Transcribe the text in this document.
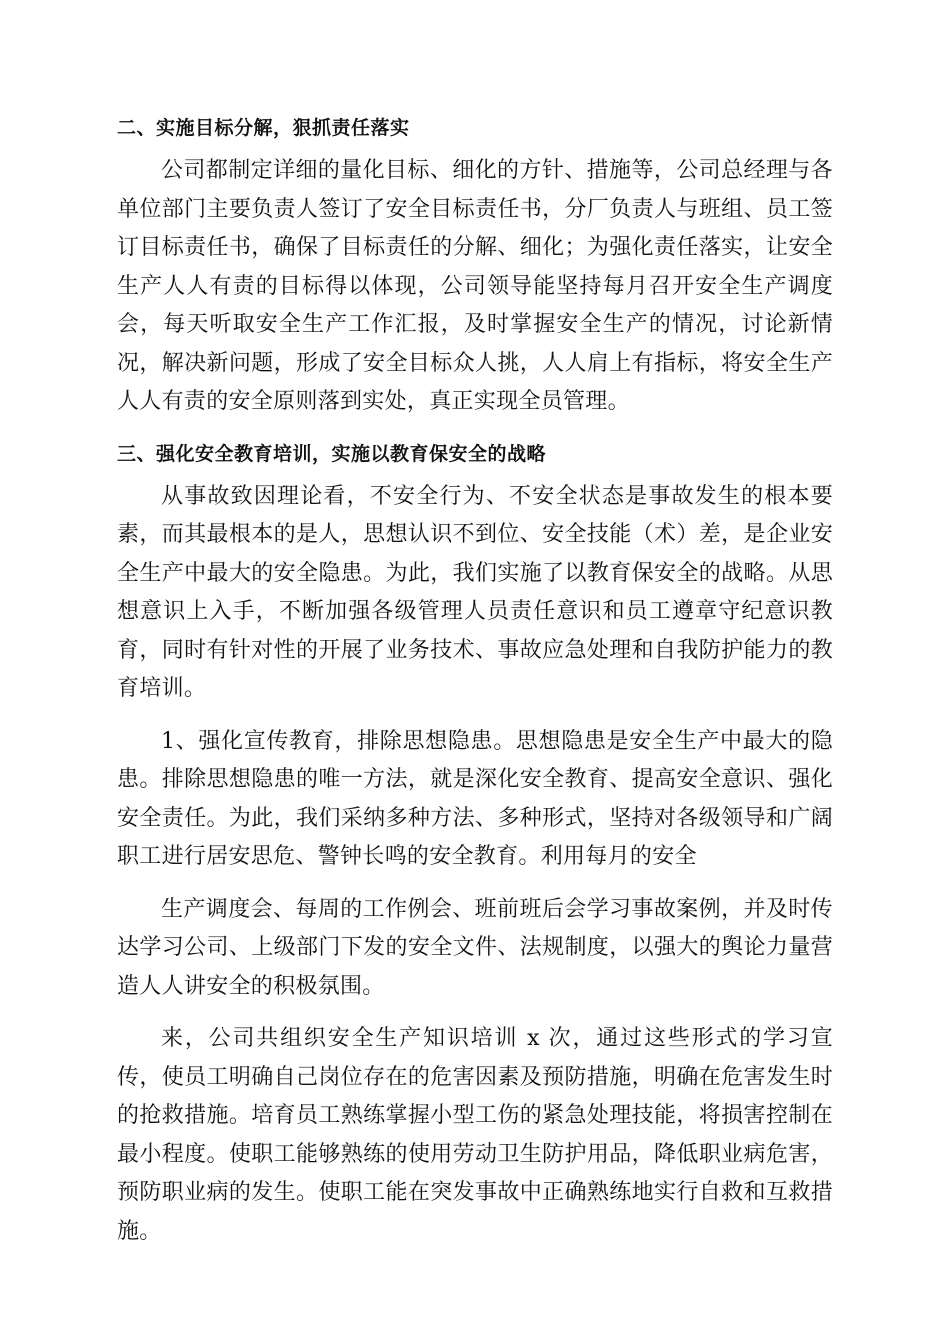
二、实施目标分解，狠抓责任落实

公司都制定详细的量化目标、细化的方针、措施等，公司总经理与各单位部门主要负责人签订了安全目标责任书，分厂负责人与班组、员工签订目标责任书，确保了目标责任的分解、细化；为强化责任落实，让安全生产人人有责的目标得以体现，公司领导能坚持每月召开安全生产调度会，每天听取安全生产工作汇报，及时掌握安全生产的情况，讨论新情况，解决新问题，形成了安全目标众人挑，人人肩上有指标，将安全生产人人有责的安全原则落到实处，真正实现全员管理。

三、强化安全教育培训，实施以教育保安全的战略

从事故致因理论看，不安全行为、不安全状态是事故发生的根本要素，而其最根本的是人，思想认识不到位、安全技能（术）差，是企业安全生产中最大的安全隐患。为此，我们实施了以教育保安全的战略。从思想意识上入手，不断加强各级管理人员责任意识和员工遵章守纪意识教育，同时有针对性的开展了业务技术、事故应急处理和自我防护能力的教育培训。

1、强化宣传教育，排除思想隐患。思想隐患是安全生产中最大的隐患。排除思想隐患的唯一方法，就是深化安全教育、提高安全意识、强化安全责任。为此，我们采纳多种方法、多种形式，坚持对各级领导和广阔职工进行居安思危、警钟长鸣的安全教育。利用每月的安全

生产调度会、每周的工作例会、班前班后会学习事故案例，并及时传达学习公司、上级部门下发的安全文件、法规制度，以强大的舆论力量营造人人讲安全的积极氛围。

来，公司共组织安全生产知识培训 x 次，通过这些形式的学习宣传，使员工明确自己岗位存在的危害因素及预防措施，明确在危害发生时的抢救措施。培育员工熟练掌握小型工伤的紧急处理技能，将损害控制在最小程度。使职工能够熟练的使用劳动卫生防护用品，降低职业病危害，预防职业病的发生。使职工能在突发事故中正确熟练地实行自救和互救措施。
